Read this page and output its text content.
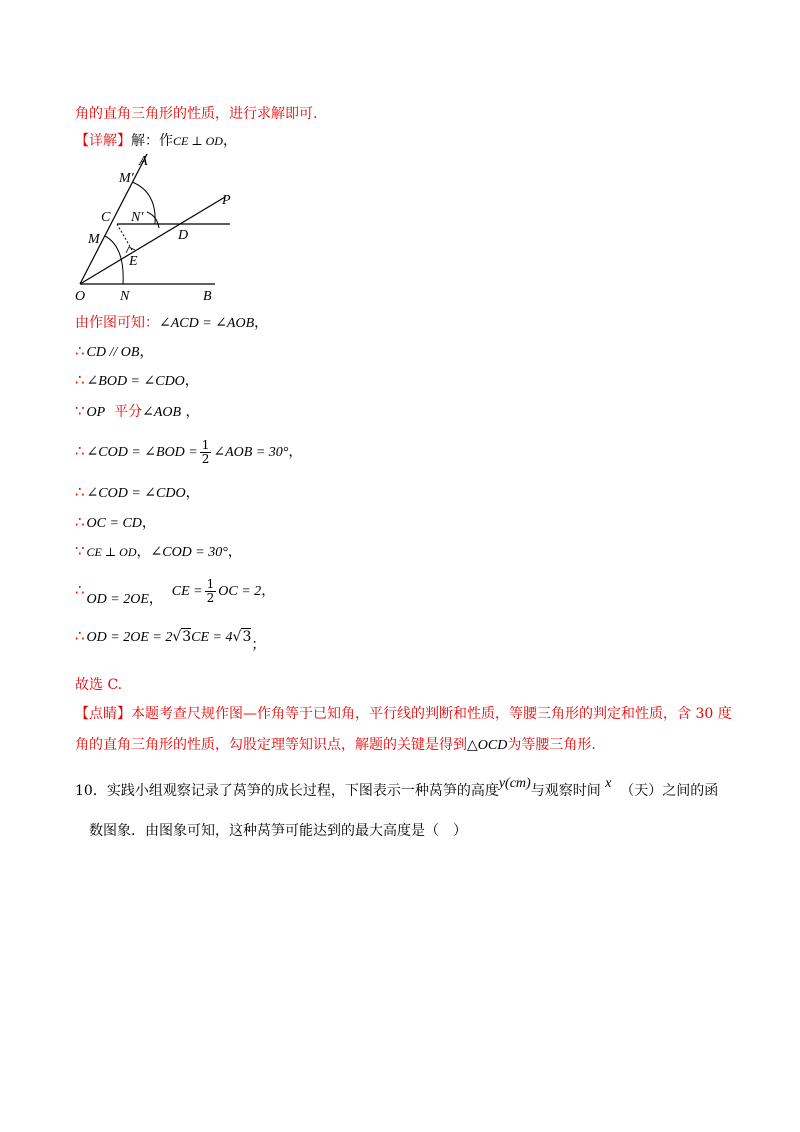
角的直角三角形的性质，进行求解即可.
【详解】解：作CE ⊥ OD，
A
M′
C N′
P
D
M
E
O N	B
由作图可知：∠ACD = ∠AOB，
∴ CD // OB，
∴ ∠BOD = ∠CDO，
∵ OP 平分∠AOB ，
∴ ∠COD = ∠BOD = $\frac{1}{2}$ ∠AOB = 30°，
∴ ∠COD = ∠CDO，
∴ OC = CD，
∵ CE ⊥ OD，∠COD = 30°，
∴OD = 2OE， CE = $\frac{1}{2}$ OC = 2，
∴ OD = 2OE = 2√3CE = 4√3；
故选 C.
【点睛】本题考查尺规作图—作角等于已知角，平行线的判断和性质，等腰三角形的判定和性质，含 30 度
角的直角三角形的性质，勾股定理等知识点，解题的关键是得到△OCD为等腰三角形.
10．实践小组观察记录了莴笋的成长过程，下图表示一种莴笋的高度y(cm)与观察时间 x （天）之间的函
数图象．由图象可知，这种莴笋可能达到的最大高度是（　）
